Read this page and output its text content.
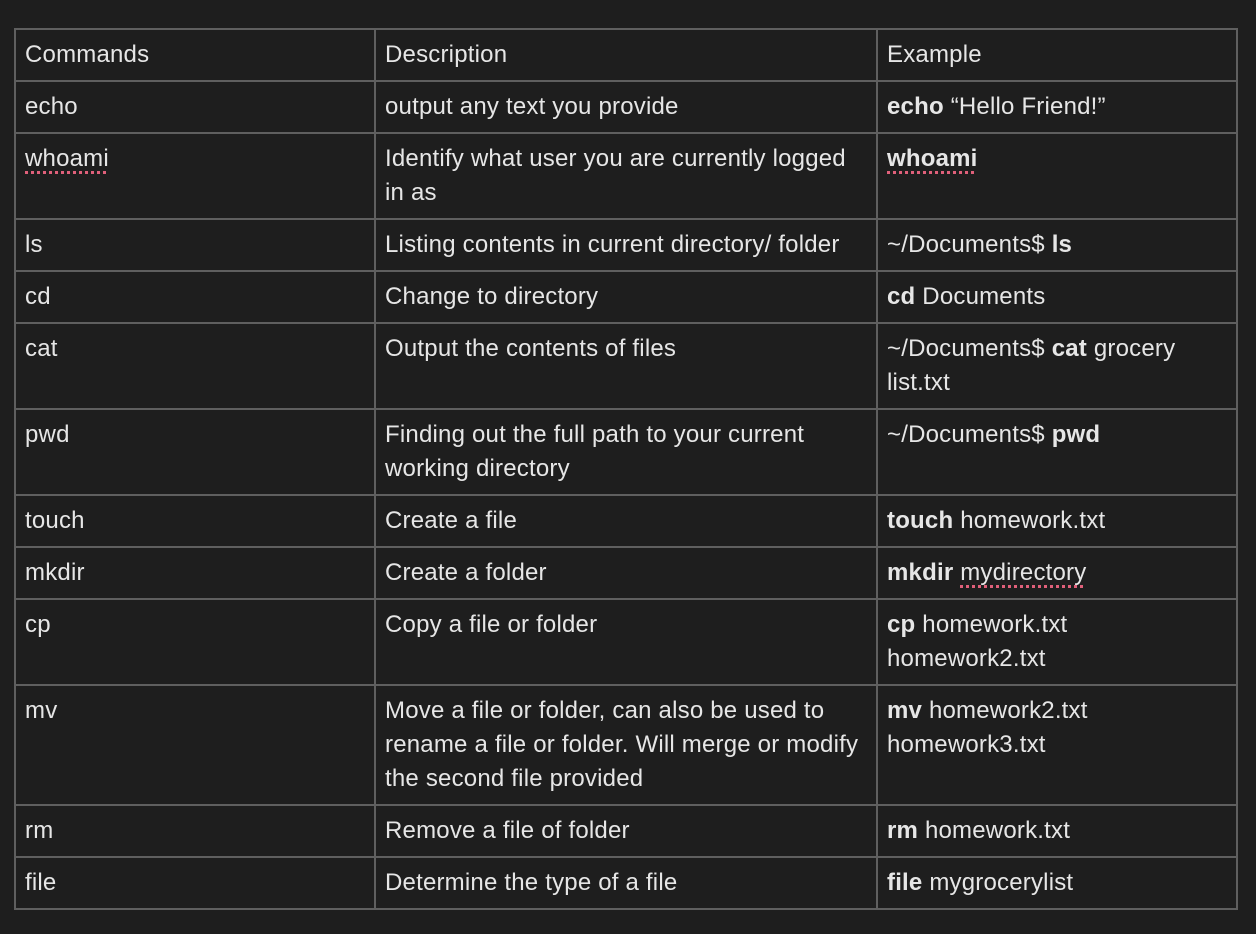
Commands	Description	Example
echo	output any text you provide	echo “Hello Friend!”
whoami	Identify what user you are currently logged in as	whoami
ls	Listing contents in current directory/ folder	~/Documents$ ls
cd	Change to directory	cd Documents
cat	Output the contents of files	~/Documents$ cat grocery list.txt
pwd	Finding out the full path to your current working directory	~/Documents$ pwd
touch	Create a file	touch homework.txt
mkdir	Create a folder	mkdir mydirectory
cp	Copy a file or folder	cp homework.txt homework2.txt
mv	Move a file or folder, can also be used to rename a file or folder. Will merge or modify the second file provided	mv homework2.txt homework3.txt
rm	Remove a file of folder	rm homework.txt
file	Determine the type of a file	file mygrocerylist
